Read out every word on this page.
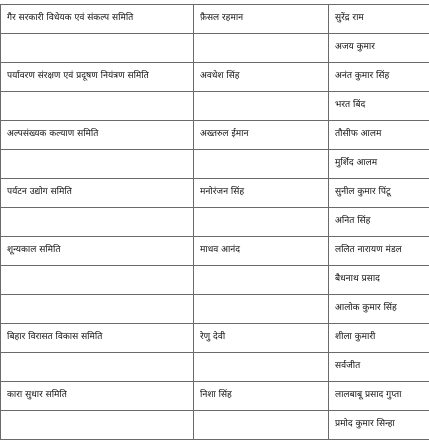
गैर सरकारी विधेयक एवं संकल्प समिति	फ़ैसल रहमान	सुरेंद्र राम
		अजय कुमार
पर्यावरण संरक्षण एवं प्रदूषण नियंत्रण समिति	अवधेश सिंह	अनंत कुमार सिंह
		भरत बिंद
अल्पसंख्यक कल्याण समिति	अख्तरुल ईमान	तौसीफ आलम
		मुर्शिद आलम
पर्यटन उद्योग समिति	मनोरंजन सिंह	सुनील कुमार पिंटू
		अनित सिंह
शून्यकाल समिति	माधव आनंद	ललित नारायण मंडल
		बैधनाथ प्रसाद
		आलोक कुमार सिंह
बिहार विरासत विकास समिति	रेणु देवी	शीला कुमारी
		सर्वजीत
कारा सुधार समिति	निशा सिंह	लालबाबू प्रसाद गुप्ता
		प्रमोद कुमार सिन्हा
